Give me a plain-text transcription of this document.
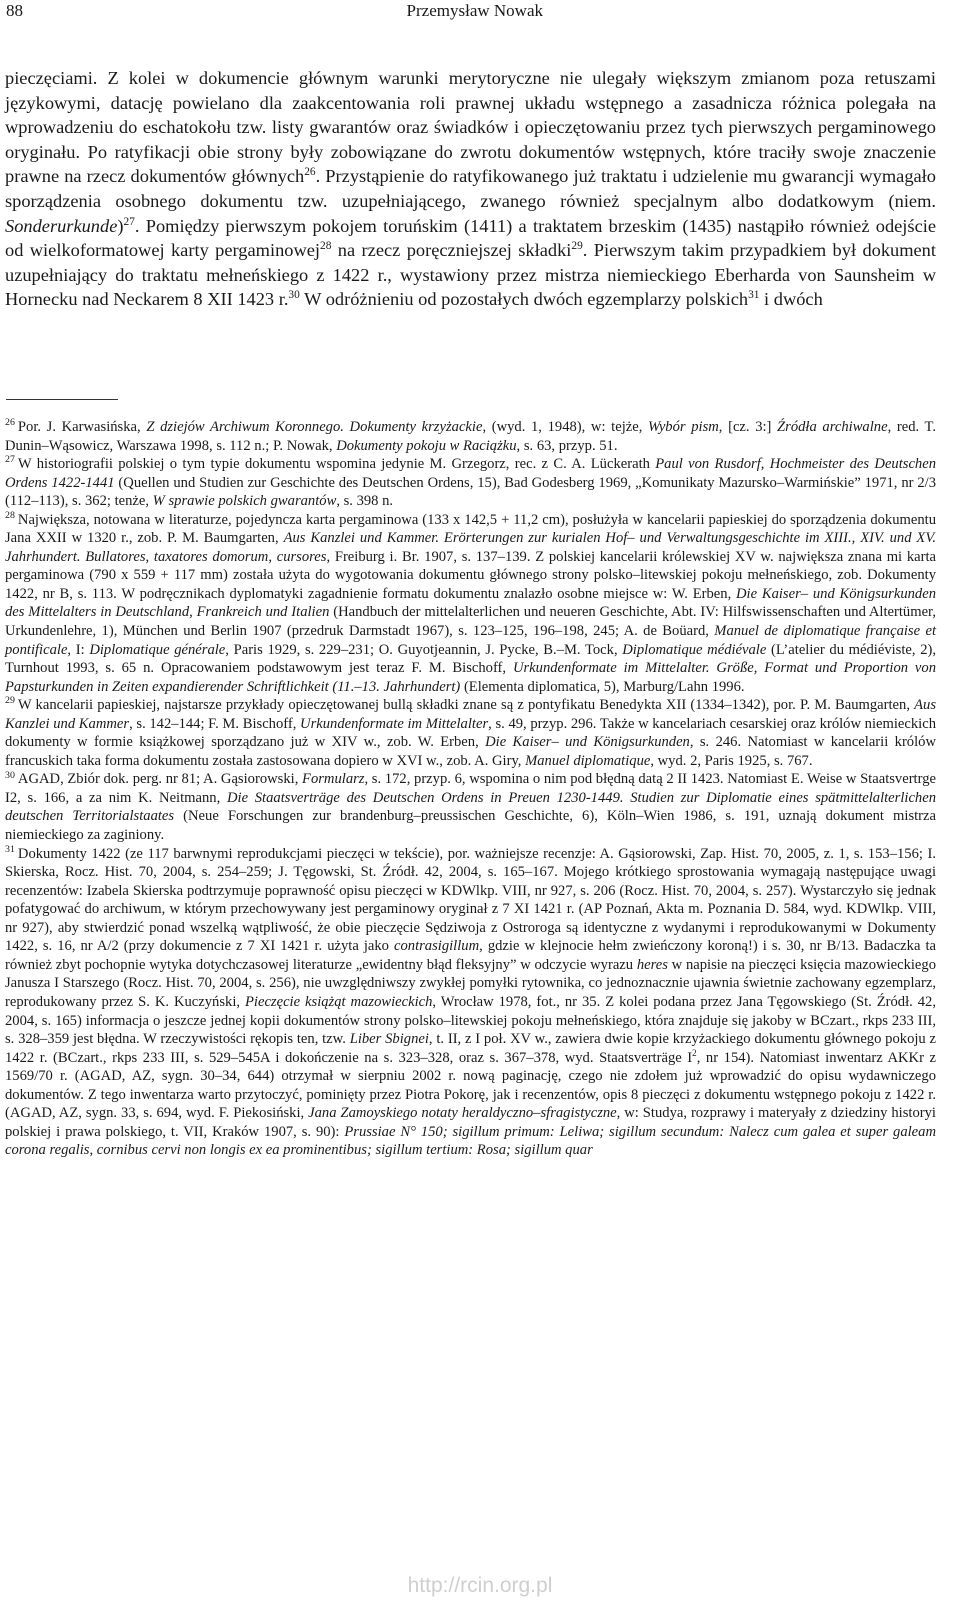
88	Przemysław Nowak

pieczęciami. Z kolei w dokumencie głównym warunki merytoryczne nie ulegały większym zmianom poza retuszami językowymi, datację powielano dla zaakcentowania roli prawnej układu wstępnego a zasadnicza różnica polegała na wprowadzeniu do eschatokołu tzw. listy gwarantów oraz świadków i opieczętowaniu przez tych pierwszych pergaminowego oryginału. Po ratyfikacji obie strony były zobowiązane do zwrotu dokumentów wstępnych, które traciły swoje znaczenie prawne na rzecz dokumentów głównych$^{26}$. Przystąpienie do ratyfikowanego już traktatu i udzielenie mu gwarancji wymagało sporządzenia osobnego dokumentu tzw. uzupełniającego, zwanego również specjalnym albo dodatkowym (niem. Sonderurkunde)$^{27}$. Pomiędzy pierwszym pokojem toruńskim (1411) a traktatem brzeskim (1435) nastąpiło również odejście od wielkoformatowej karty pergaminowej$^{28}$ na rzecz poręczniejszej składki$^{29}$. Pierwszym takim przypadkiem był dokument uzupełniający do traktatu mełneńskiego z 1422 r., wystawiony przez mistrza niemieckiego Eberharda von Saunsheim w Hornecku nad Neckarem 8 XII 1423 r.$^{30}$ W odróżnieniu od pozostałych dwóch egzemplarzy polskich$^{31}$ i dwóch

$^{26}$ Por. J. Karwasińska, Z dziejów Archiwum Koronnego. Dokumenty krzyżackie, (wyd. 1, 1948), w: tejże, Wybór pism, [cz. 3:] Źródła archiwalne, red. T. Dunin–Wąsowicz, Warszawa 1998, s. 112 n.; P. Nowak, Dokumenty pokoju w Raciążku, s. 63, przyp. 51.

$^{27}$ W historiografii polskiej o tym typie dokumentu wspomina jedynie M. Grzegorz, rec. z C. A. Lückerath Paul von Rusdorf, Hochmeister des Deutschen Ordens 1422-1441 (Quellen und Studien zur Geschichte des Deutschen Ordens, 15), Bad Godesberg 1969, „Komunikaty Mazursko–Warmińskie” 1971, nr 2/3 (112–113), s. 362; tenże, W sprawie polskich gwarantów, s. 398 n.

$^{28}$ Największa, notowana w literaturze, pojedyncza karta pergaminowa (133 x 142,5 + 11,2 cm), posłużyła w kancelarii papieskiej do sporządzenia dokumentu Jana XXII w 1320 r., zob. P. M. Baumgarten, Aus Kanzlei und Kammer. Erörterungen zur kurialen Hof– und Verwaltungsgeschichte im XIII., XIV. und XV. Jahrhundert. Bullatores, taxatores domorum, cursores, Freiburg i. Br. 1907, s. 137–139. Z polskiej kancelarii królewskiej XV w. największa znana mi karta pergaminowa (790 x 559 + 117 mm) została użyta do wygotowania dokumentu głównego strony polsko–litewskiej pokoju mełneńskiego, zob. Dokumenty 1422, nr B, s. 113. W podręcznikach dyplomatyki zagadnienie formatu dokumentu znalazło osobne miejsce w: W. Erben, Die Kaiser– und Königsurkunden des Mittelalters in Deutschland, Frankreich und Italien (Handbuch der mittelalterlichen und neueren Geschichte, Abt. IV: Hilfswissenschaften und Altertümer, Urkundenlehre, 1), München und Berlin 1907 (przedruk Darmstadt 1967), s. 123–125, 196–198, 245; A. de Boüard, Manuel de diplomatique française et pontificale, I: Diplomatique générale, Paris 1929, s. 229–231; O. Guyotjeannin, J. Pycke, B.–M. Tock, Diplomatique médiévale (L’atelier du médiéviste, 2), Turnhout 1993, s. 65 n. Opracowaniem podstawowym jest teraz F. M. Bischoff, Urkundenformate im Mittelalter. Größe, Format und Proportion von Papsturkunden in Zeiten expandierender Schriftlichkeit (11.–13. Jahrhundert) (Elementa diplomatica, 5), Marburg/Lahn 1996.

$^{29}$ W kancelarii papieskiej, najstarsze przykłady opieczętowanej bullą składki znane są z pontyfikatu Benedykta XII (1334–1342), por. P. M. Baumgarten, Aus Kanzlei und Kammer, s. 142–144; F. M. Bischoff, Urkundenformate im Mittelalter, s. 49, przyp. 296. Także w kancelariach cesarskiej oraz królów niemieckich dokumenty w formie książkowej sporządzano już w XIV w., zob. W. Erben, Die Kaiser– und Königsurkunden, s. 246. Natomiast w kancelarii królów francuskich taka forma dokumentu została zastosowana dopiero w XVI w., zob. A. Giry, Manuel diplomatique, wyd. 2, Paris 1925, s. 767.

$^{30}$ AGAD, Zbiór dok. perg. nr 81; A. Gąsiorowski, Formularz, s. 172, przyp. 6, wspomina o nim pod błędną datą 2 II 1423. Natomiast E. Weise w Staatsvertrge I2, s. 166, a za nim K. Neitmann, Die Staatsverträge des Deutschen Ordens in Preuen 1230-1449. Studien zur Diplomatie eines spätmittelalterlichen deutschen Territorialstaates (Neue Forschungen zur brandenburg–preussischen Geschichte, 6), Köln–Wien 1986, s. 191, uznają dokument mistrza niemieckiego za zaginiony.

$^{31}$ Dokumenty 1422 (ze 117 barwnymi reprodukcjami pieczęci w tekście), por. ważniejsze recenzje: A. Gąsiorowski, Zap. Hist. 70, 2005, z. 1, s. 153–156; I. Skierska, Rocz. Hist. 70, 2004, s. 254–259; J. Tęgowski, St. Źródł. 42, 2004, s. 165–167. Mojego krótkiego sprostowania wymagają następujące uwagi recenzentów: Izabela Skierska podtrzymuje poprawność opisu pieczęci w KDWlkp. VIII, nr 927, s. 206 (Rocz. Hist. 70, 2004, s. 257). Wystarczyło się jednak pofatygować do archiwum, w którym przechowywany jest pergaminowy oryginał z 7 XI 1421 r. (AP Poznań, Akta m. Poznania D. 584, wyd. KDWlkp. VIII, nr 927), aby stwierdzić ponad wszelką wątpliwość, że obie pieczęcie Sędziwoja z Ostroroga są identyczne z wydanymi i reprodukowanymi w Dokumenty 1422, s. 16, nr A/2 (przy dokumencie z 7 XI 1421 r. użyta jako contrasigillum, gdzie w klejnocie hełm zwieńczony koroną!) i s. 30, nr B/13. Badaczka ta również zbyt pochopnie wytyka dotychczasowej literaturze „ewidentny błąd fleksyjny” w odczycie wyrazu heres w napisie na pieczęci księcia mazowieckiego Janusza I Starszego (Rocz. Hist. 70, 2004, s. 256), nie uwzględniwszy zwykłej pomyłki rytownika, co jednoznacznie ujawnia świetnie zachowany egzemplarz, reprodukowany przez S. K. Kuczyński, Pieczęcie książąt mazowieckich, Wrocław 1978, fot., nr 35. Z kolei podana przez Jana Tęgowskiego (St. Źródł. 42, 2004, s. 165) informacja o jeszcze jednej kopii dokumentów strony polsko–litewskiej pokoju mełneńskiego, która znajduje się jakoby w BCzart., rkps 233 III, s. 328–359 jest błędna. W rzeczywistości rękopis ten, tzw. Liber Sbignei, t. II, z I poł. XV w., zawiera dwie kopie krzyżackiego dokumentu głównego pokoju z 1422 r. (BCzart., rkps 233 III, s. 529–545A i dokończenie na s. 323–328, oraz s. 367–378, wyd. Staatsverträge $I^2$, nr 154). Natomiast inwentarz AKKr z 1569/70 r. (AGAD, AZ, sygn. 30–34, 644) otrzymał w sierpniu 2002 r. nową paginację, czego nie zdołem już wprowadzić do opisu wydawniczego dokumentów. Z tego inwentarza warto przytoczyć, pominięty przez Piotra Pokorę, jak i recenzentów, opis 8 pieczęci z dokumentu wstępnego pokoju z 1422 r. (AGAD, AZ, sygn. 33, s. 694, wyd. F. Piekosiński, Jana Zamoyskiego notaty heraldyczno–sfragistyczne, w: Studya, rozprawy i materyały z dziedziny historyi polskiej i prawa polskiego, t. VII, Kraków 1907, s. 90): Prussiae N° 150; sigillum primum: Leliwa; sigillum secundum: Nalecz cum galea et super galeam corona regalis, cornibus cervi non longis ex ea prominentibus; sigillum tertium: Rosa; sigillum quar

http://rcin.org.pl
